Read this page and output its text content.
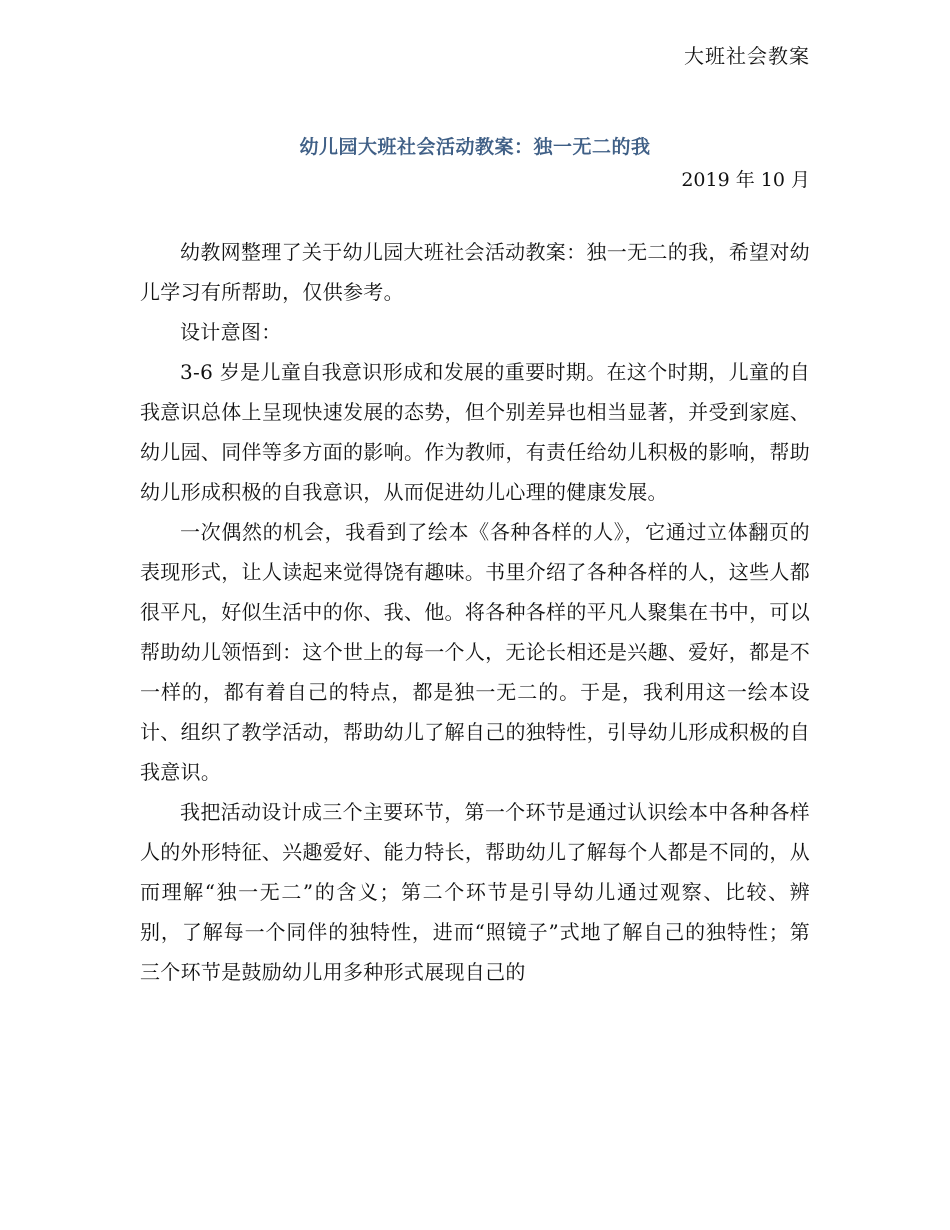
大班社会教案
幼儿园大班社会活动教案：独一无二的我
2019 年 10 月

幼教网整理了关于幼儿园大班社会活动教案：独一无二的我，希望对幼儿学习有所帮助，仅供参考。

设计意图：

3-6 岁是儿童自我意识形成和发展的重要时期。在这个时期，儿童的自我意识总体上呈现快速发展的态势，但个别差异也相当显著，并受到家庭、幼儿园、同伴等多方面的影响。作为教师，有责任给幼儿积极的影响，帮助幼儿形成积极的自我意识，从而促进幼儿心理的健康发展。

一次偶然的机会，我看到了绘本《各种各样的人》，它通过立体翻页的表现形式，让人读起来觉得饶有趣味。书里介绍了各种各样的人，这些人都很平凡，好似生活中的你、我、他。将各种各样的平凡人聚集在书中，可以帮助幼儿领悟到：这个世上的每一个人，无论长相还是兴趣、爱好，都是不一样的，都有着自己的特点，都是独一无二的。于是，我利用这一绘本设计、组织了教学活动，帮助幼儿了解自己的独特性，引导幼儿形成积极的自我意识。

我把活动设计成三个主要环节，第一个环节是通过认识绘本中各种各样人的外形特征、兴趣爱好、能力特长，帮助幼儿了解每个人都是不同的，从而理解“独一无二”的含义；第二个环节是引导幼儿通过观察、比较、辨别，了解每一个同伴的独特性，进而“照镜子”式地了解自己的独特性；第三个环节是鼓励幼儿用多种形式展现自己的
